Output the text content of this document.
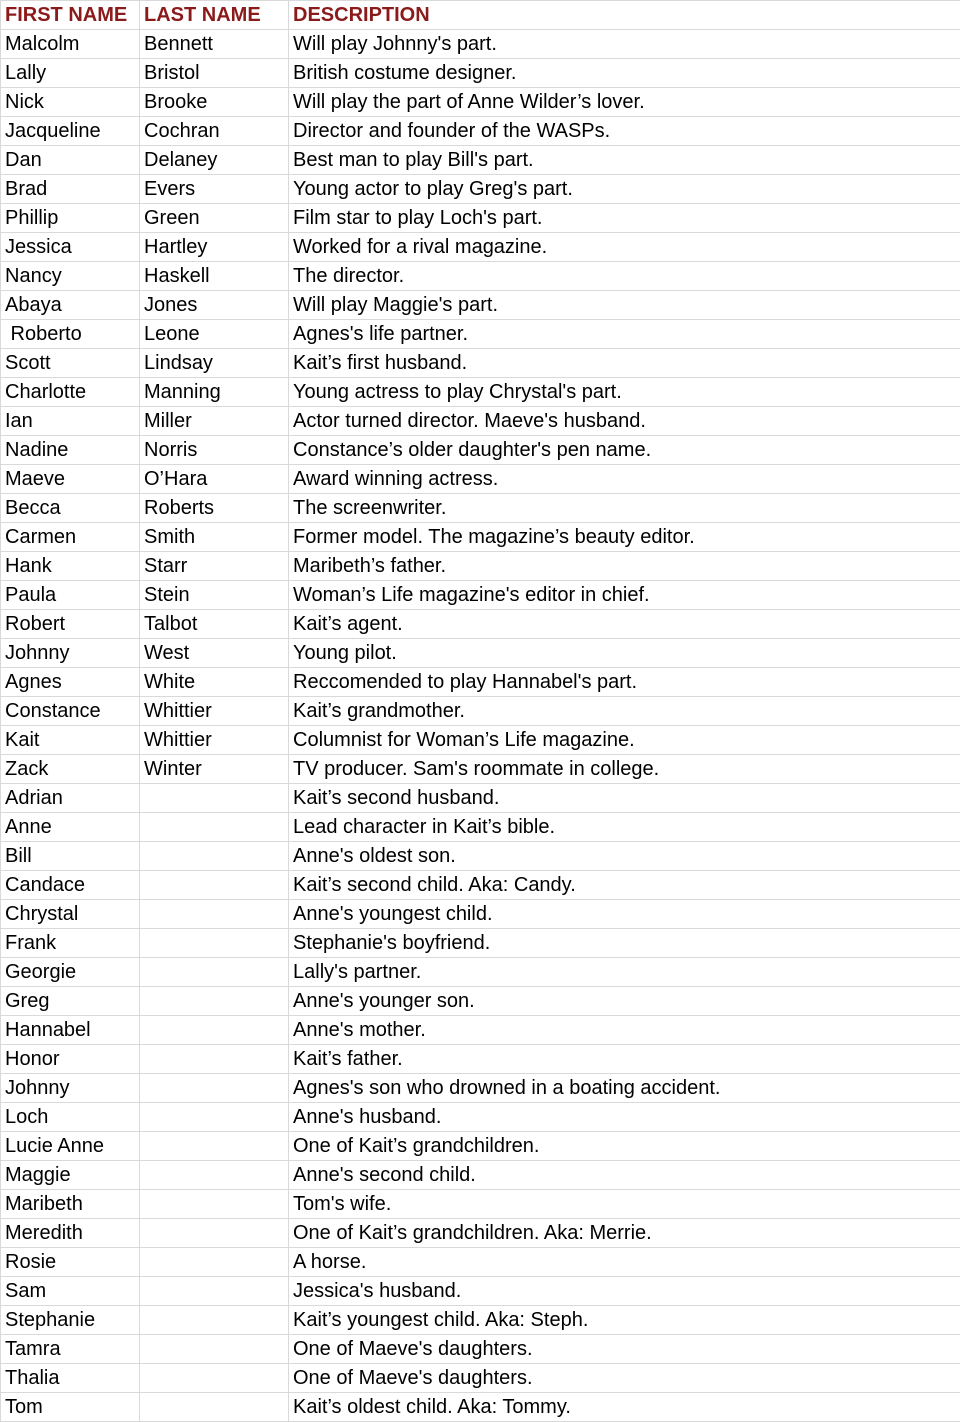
FIRST NAME	LAST NAME	DESCRIPTION
Malcolm	Bennett	Will play Johnny's part.
Lally	Bristol	British costume designer.
Nick	Brooke	Will play the part of Anne Wilder’s lover.
Jacqueline	Cochran	Director and founder of the WASPs.
Dan	Delaney	Best man to play Bill's part.
Brad	Evers	Young actor to play Greg's part.
Phillip	Green	Film star to play Loch's part.
Jessica	Hartley	Worked for a rival magazine.
Nancy	Haskell	The director.
Abaya	Jones	Will play Maggie's part.
Roberto	Leone	Agnes's life partner.
Scott	Lindsay	Kait’s first husband.
Charlotte	Manning	Young actress to play Chrystal's part.
Ian	Miller	Actor turned director. Maeve's husband.
Nadine	Norris	Constance’s older daughter's pen name.
Maeve	O’Hara	Award winning actress.
Becca	Roberts	The screenwriter.
Carmen	Smith	Former model. The magazine’s beauty editor.
Hank	Starr	Maribeth’s father.
Paula	Stein	Woman’s Life magazine's editor in chief.
Robert	Talbot	Kait’s agent.
Johnny	West	Young pilot.
Agnes	White	Reccomended to play Hannabel's part.
Constance	Whittier	Kait’s grandmother.
Kait	Whittier	Columnist for Woman’s Life magazine.
Zack	Winter	TV producer. Sam's roommate in college.
Adrian		Kait’s second husband.
Anne		Lead character in Kait’s bible.
Bill		Anne's oldest son.
Candace		Kait’s second child. Aka: Candy.
Chrystal		Anne's youngest child.
Frank		Stephanie's boyfriend.
Georgie		Lally's partner.
Greg		Anne's younger son.
Hannabel		Anne's mother.
Honor		Kait’s father.
Johnny		Agnes's son who drowned in a boating accident.
Loch		Anne's husband.
Lucie Anne		One of Kait’s grandchildren.
Maggie		Anne's second child.
Maribeth		Tom's wife.
Meredith		One of Kait’s grandchildren. Aka: Merrie.
Rosie		A horse.
Sam		Jessica's husband.
Stephanie		Kait’s youngest child. Aka: Steph.
Tamra		One of Maeve's daughters.
Thalia		One of Maeve's daughters.
Tom		Kait’s oldest child. Aka: Tommy.
